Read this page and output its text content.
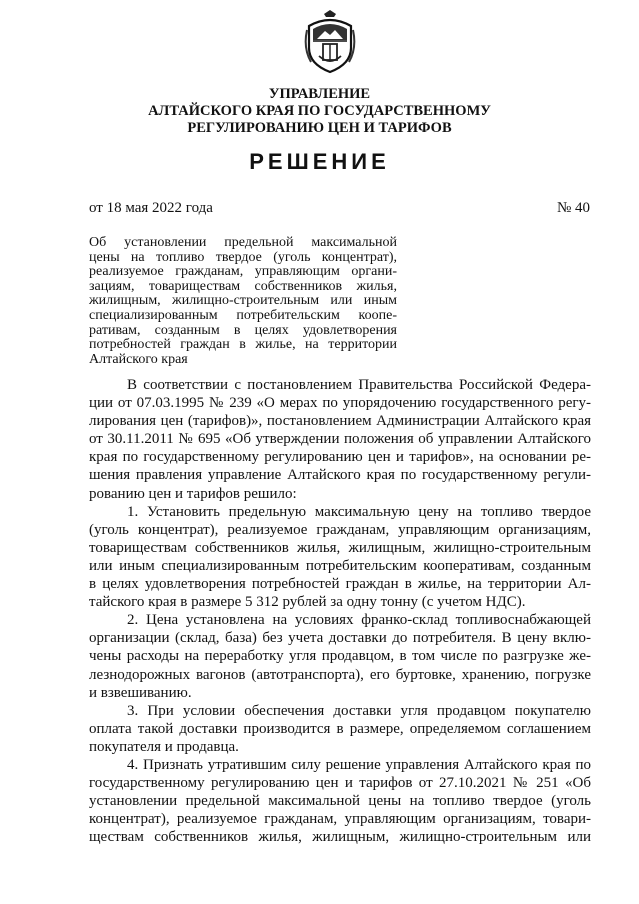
УПРАВЛЕНИЕ
АЛТАЙСКОГО КРАЯ ПО ГОСУДАРСТВЕННОМУ
РЕГУЛИРОВАНИЮ ЦЕН И ТАРИФОВ
РЕШЕНИЕ
от 18 мая 2022 года	№ 40
Об установлении предельной максимальной
цены на топливо твердое (уголь концентрат),
реализуемое гражданам, управляющим органи-
зациям, товариществам собственников жилья,
жилищным, жилищно-строительным или иным
специализированным потребительским коопе-
ративам, созданным в целях удовлетворения
потребностей граждан в жилье, на территории
Алтайского края
В соответствии с постановлением Правительства Российской Федера-
ции от 07.03.1995 № 239 «О мерах по упорядочению государственного регу-
лирования цен (тарифов)», постановлением Администрации Алтайского края
от 30.11.2011 № 695 «Об утверждении положения об управлении Алтайского
края по государственному регулированию цен и тарифов», на основании ре-
шения правления управление Алтайского края по государственному регули-
рованию цен и тарифов решило:
1. Установить предельную максимальную цену на топливо твердое
(уголь концентрат), реализуемое гражданам, управляющим организациям,
товариществам собственников жилья, жилищным, жилищно-строительным
или иным специализированным потребительским кооперативам, созданным
в целях удовлетворения потребностей граждан в жилье, на территории Ал-
тайского края в размере 5 312 рублей за одну тонну (с учетом НДС).
2. Цена установлена на условиях франко-склад топливоснабжающей
организации (склад, база) без учета доставки до потребителя. В цену вклю-
чены расходы на переработку угля продавцом, в том числе по разгрузке же-
лезнодорожных вагонов (автотранспорта), его буртовке, хранению, погрузке
и взвешиванию.
3. При условии обеспечения доставки угля продавцом покупателю
оплата такой доставки производится в размере, определяемом соглашением
покупателя и продавца.
4. Признать утратившим силу решение управления Алтайского края по
государственному регулированию цен и тарифов от 27.10.2021 № 251 «Об
установлении предельной максимальной цены на топливо твердое (уголь
концентрат), реализуемое гражданам, управляющим организациям, товари-
ществам собственников жилья, жилищным, жилищно-строительным или
